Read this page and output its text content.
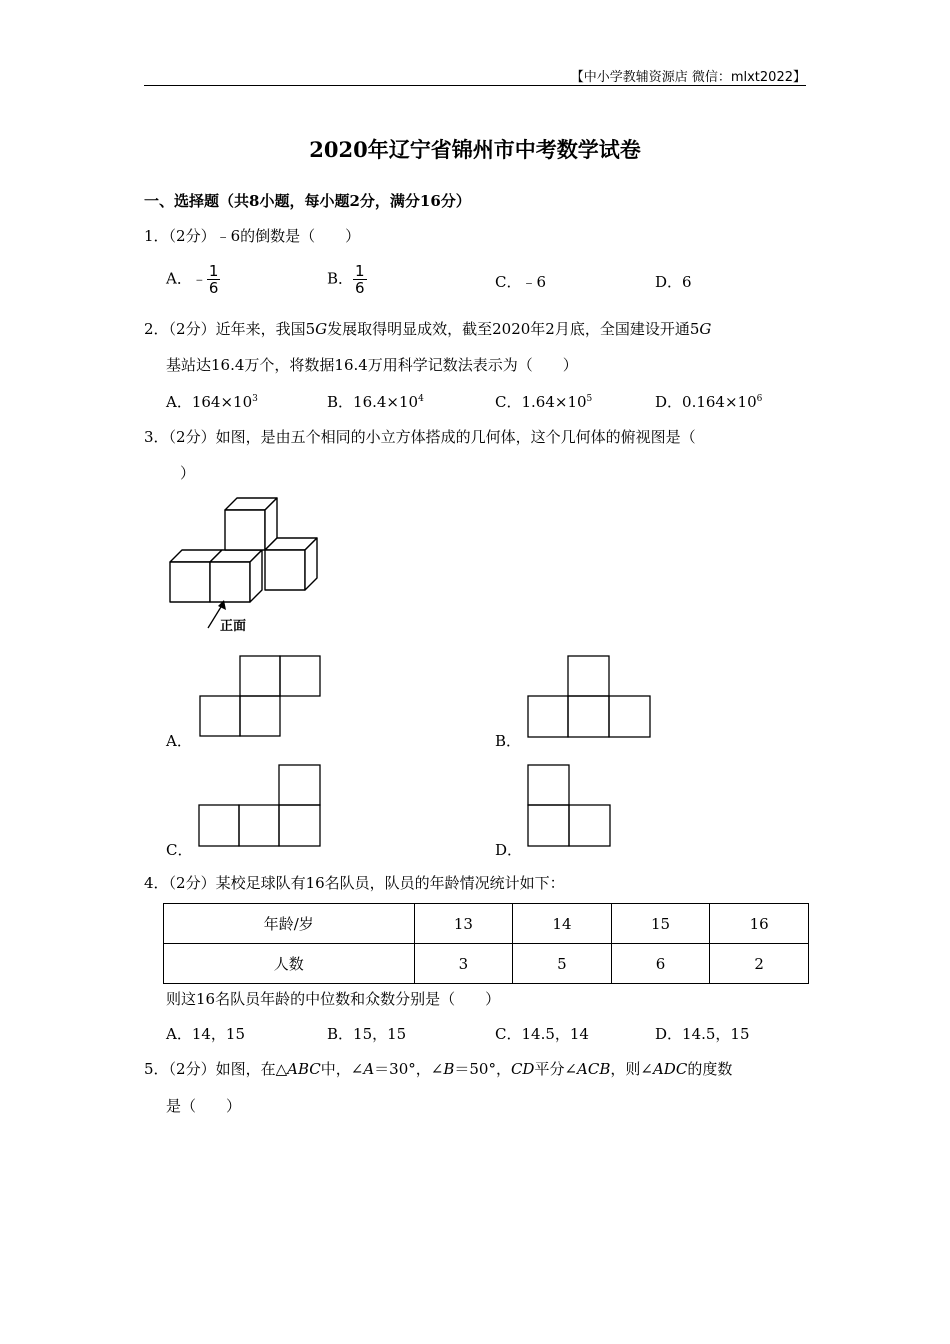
【中小学教辅资源店 微信：mlxt2022】
2020年辽宁省锦州市中考数学试卷
一、选择题（共8小题，每小题2分，满分16分）
1．（2分）﹣6的倒数是（　　）
A．﹣ $\frac{1}{6}$	B． $\frac{1}{6}$	C．﹣6	D．6
2．（2分）近年来，我国5G发展取得明显成效，截至2020年2月底，全国建设开通5G
基站达16.4万个，将数据16.4万用科学记数法表示为（　　）
A．$164\times 10^3$	B．$16.4\times 10^4$	C．$1.64\times 10^5$	D．$0.164\times 10^6$
3．（2分）如图，是由五个相同的小立方体搭成的几何体，这个几何体的俯视图是（
）
正面
A．	B．
C．	D．
4．（2分）某校足球队有16名队员，队员的年龄情况统计如下：
年龄/岁	13	14	15	16
人数	3	5	6	2
则这16名队员年龄的中位数和众数分别是（　　）
A．14，15	B．15，15	C．14.5，14	D．14.5，15
5．（2分）如图，在△ABC中，∠A＝30°，∠B＝50°，CD平分∠ACB，则∠ADC的度数
是（　　）
